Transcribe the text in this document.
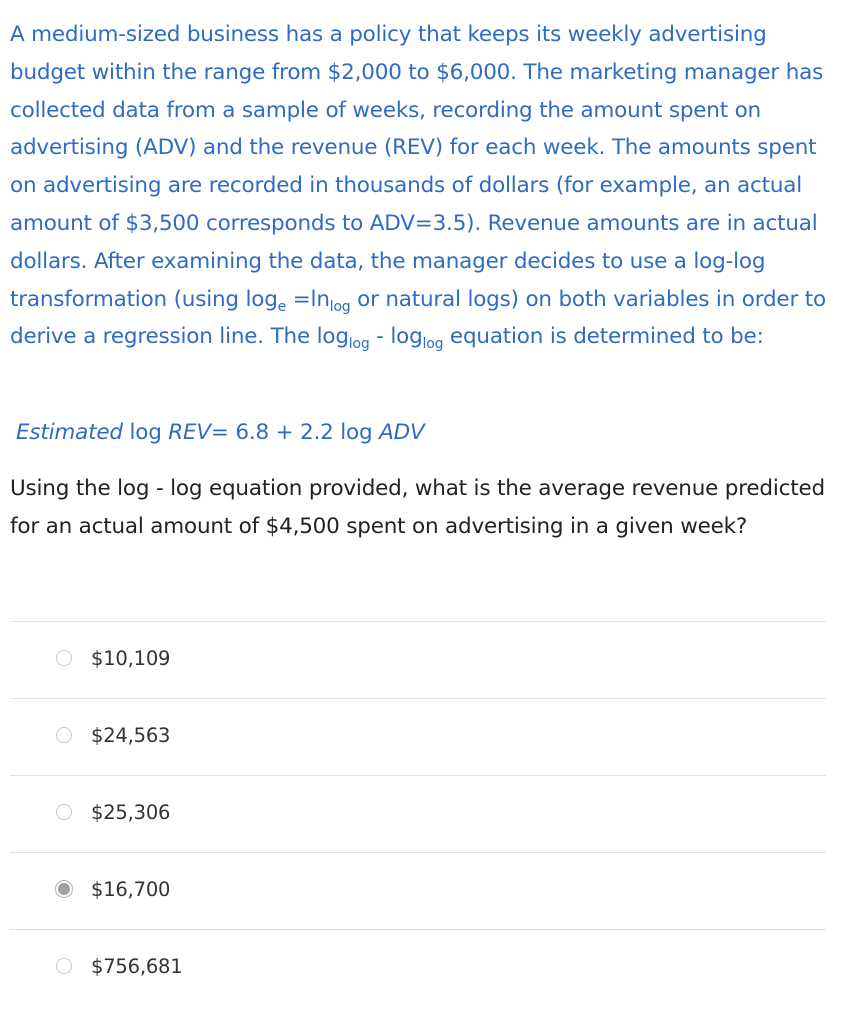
A medium-sized business has a policy that keeps its weekly advertising budget within the range from $2,000 to $6,000. The marketing manager has collected data from a sample of weeks, recording the amount spent on advertising (ADV) and the revenue (REV) for each week. The amounts spent on advertising are recorded in thousands of dollars (for example, an actual amount of $3,500 corresponds to ADV=3.5). Revenue amounts are in actual dollars. After examining the data, the manager decides to use a log-log transformation (using $\log_e =\ln_{log}$ or natural logs) on both variables in order to derive a regression line. The $\log_{log} - \log_{log}$ equation is determined to be:

Estimated log REV= 6.8 + 2.2 log ADV

Using the log - log equation provided, what is the average revenue predicted for an actual amount of $4,500 spent on advertising in a given week?

$10,109
$24,563
$25,306
$16,700
$756,681
